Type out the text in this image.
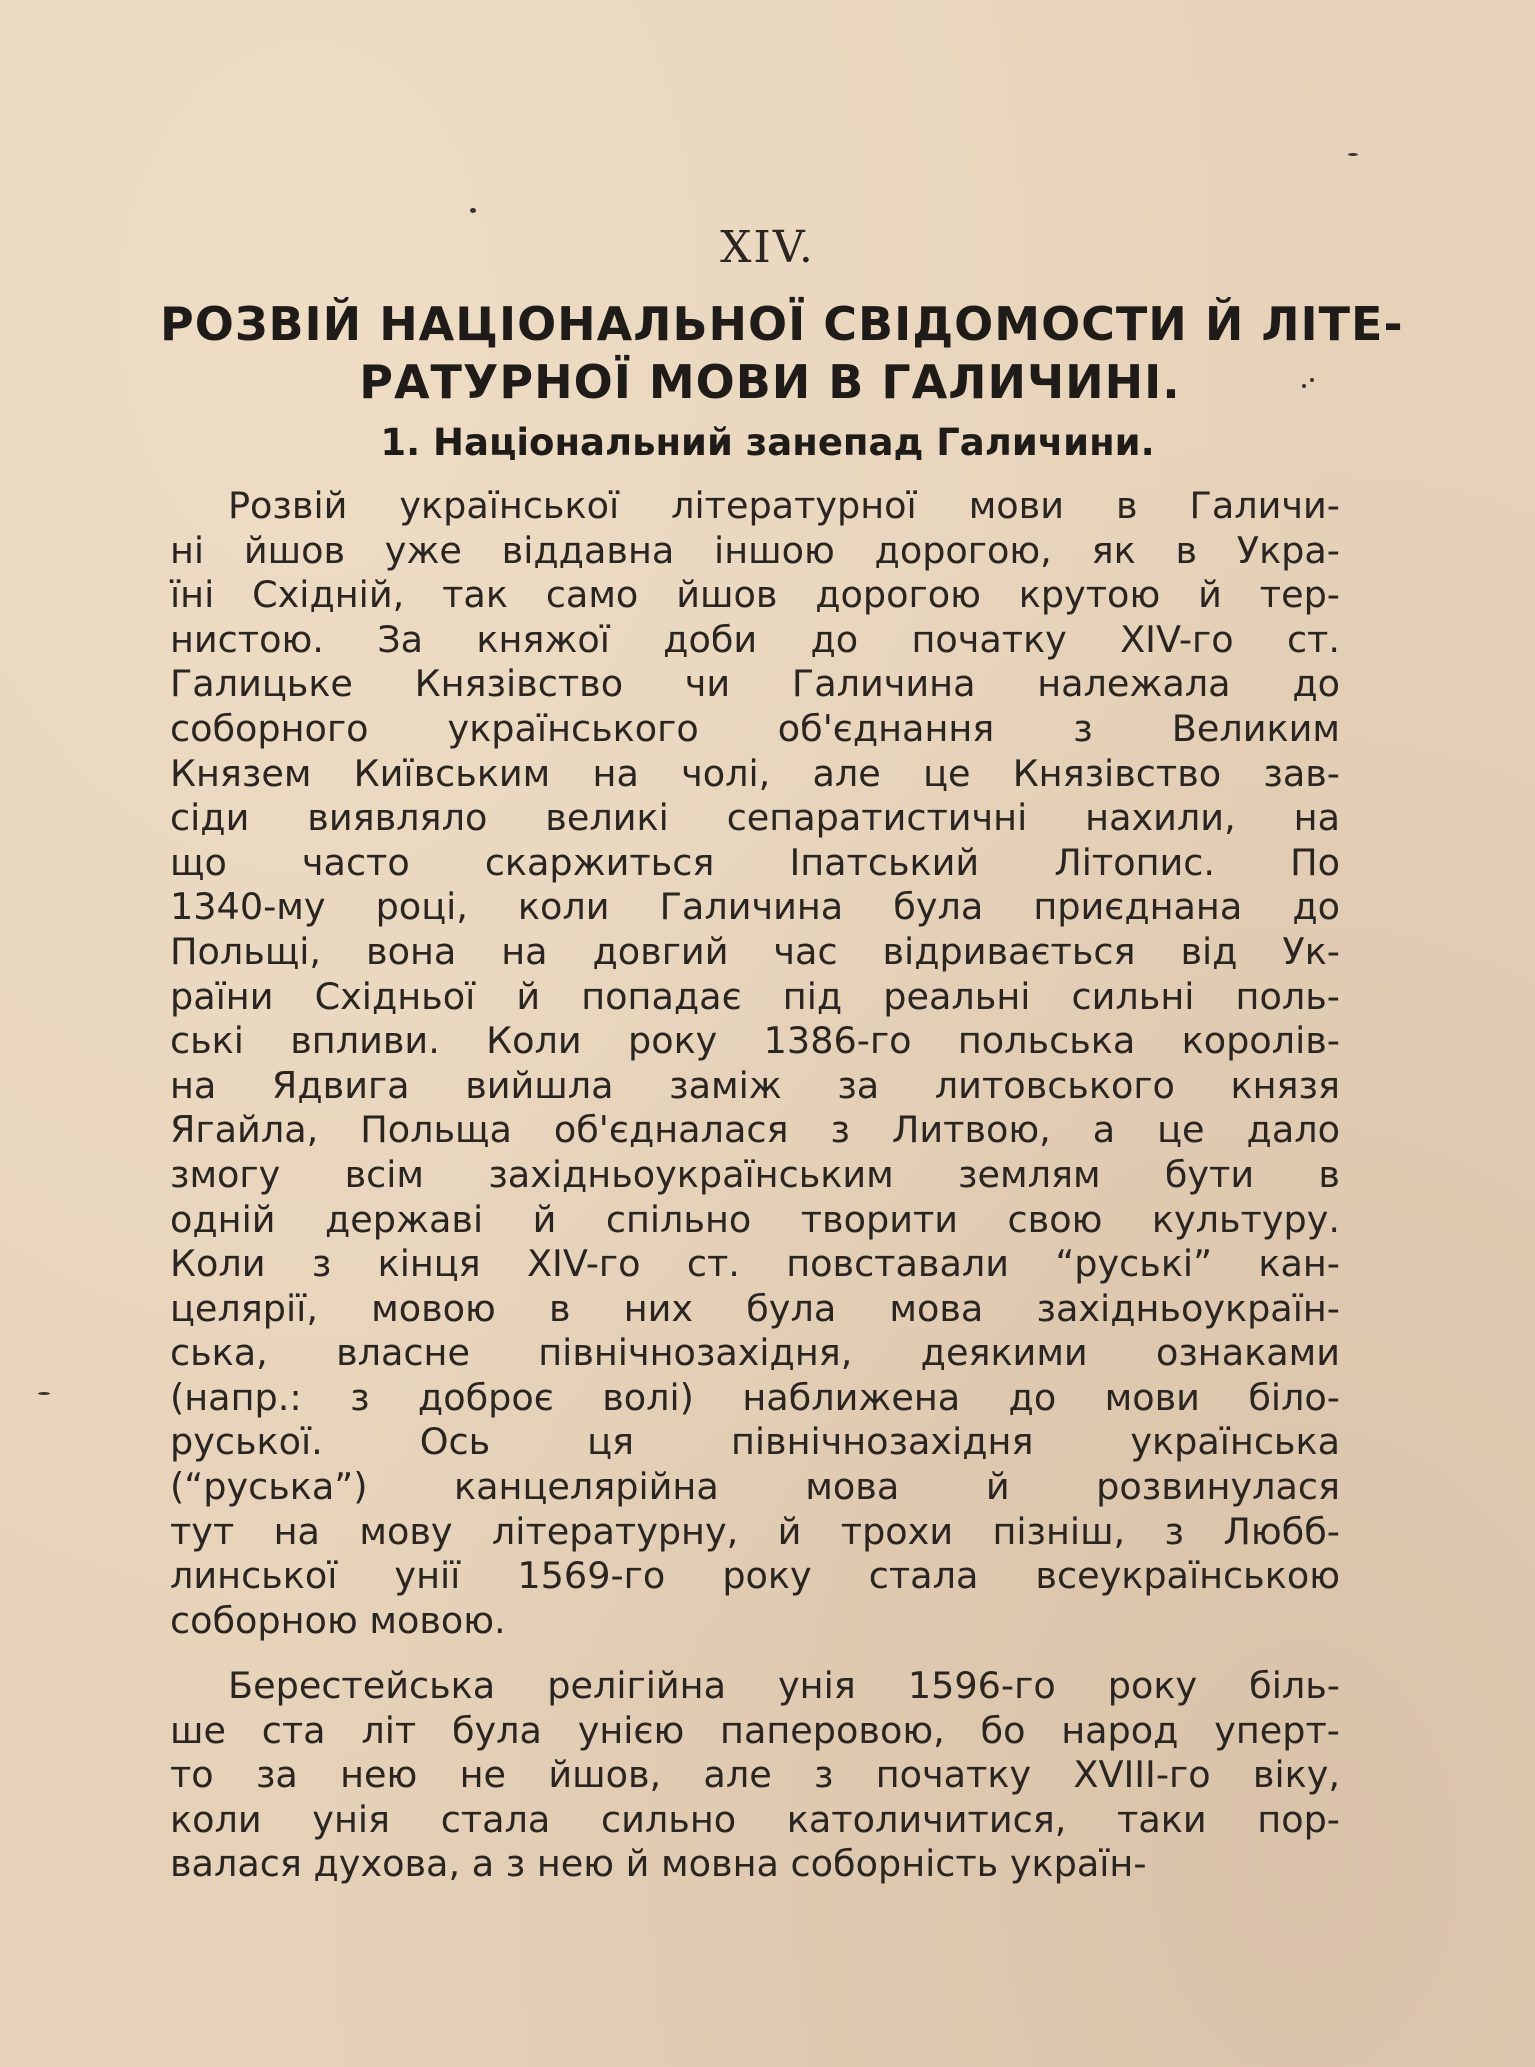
XIV.
РОЗВІЙ НАЦІОНАЛЬНОЇ СВІДОМОСТИ Й ЛІТЕ-
РАТУРНОЇ МОВИ В ГАЛИЧИНІ.
1. Національний занепад Галичини.
Розвій української літературної мови в Галичи-
ні йшов уже віддавна іншою дорогою, як в Укра-
їні Східній, так само йшов дорогою крутою й тер-
нистою. За княжої доби до початку XIV-го ст.
Галицьке Князівство чи Галичина належала до
соборного українського об'єднання з Великим
Князем Київським на чолі, але це Князівство зав-
сіди виявляло великі сепаратистичні нахили, на
що часто скаржиться Іпатський Літопис. По
1340-му році, коли Галичина була приєднана до
Польщі, вона на довгий час відривається від Ук-
раїни Східньої й попадає під реальні сильні поль-
ські впливи. Коли року 1386-го польська королів-
на Ядвига вийшла заміж за литовського князя
Ягайла, Польща об'єдналася з Литвою, а це дало
змогу всім західньоукраїнським землям бути в
одній державі й спільно творити свою культуру.
Коли з кінця XIV-го ст. повставали “руські” кан-
целярії, мовою в них була мова західньоукраїн-
ська, власне північнозахідня, деякими ознаками
(напр.: з доброє волі) наближена до мови біло-
руської. Ось ця північнозахідня українська
(“руська”) канцелярійна мова й розвинулася
тут на мову літературну, й трохи пізніш, з Любб-
линської унії 1569-го року стала всеукраїнською
соборною мовою.
Берестейська релігійна унія 1596-го року біль-
ше ста літ була унією паперовою, бо народ уперт-
то за нею не йшов, але з початку XVIII-го віку,
коли унія стала сильно католичитися, таки пор-
валася духова, а з нею й мовна соборність україн-
